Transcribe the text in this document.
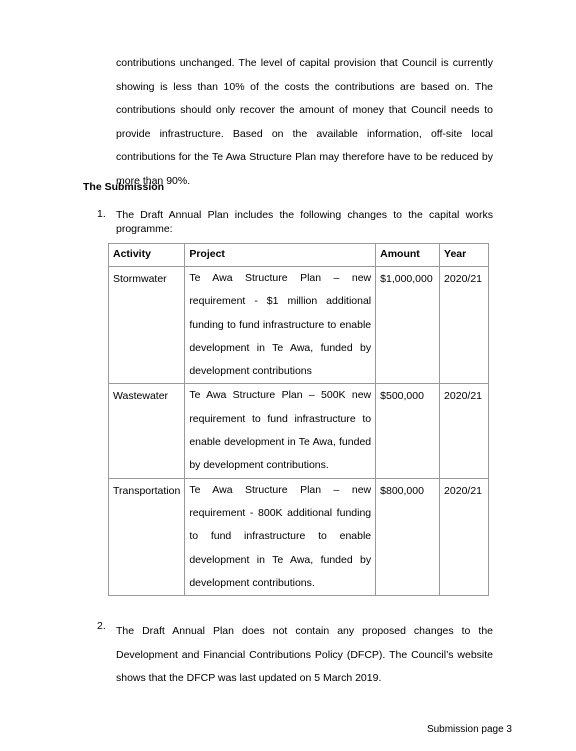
contributions unchanged. The level of capital provision that Council is currently showing is less than 10% of the costs the contributions are based on. The contributions should only recover the amount of money that Council needs to provide infrastructure. Based on the available information, off-site local contributions for the Te Awa Structure Plan may therefore have to be reduced by more than 90%.

The Submission
1. The Draft Annual Plan includes the following changes to the capital works programme:

Activity	Project	Amount	Year
Stormwater	Te Awa Structure Plan – new requirement - $1 million additional funding to fund infrastructure to enable development in Te Awa, funded by development contributions	$1,000,000	2020/21
Wastewater	Te Awa Structure Plan – 500K new requirement to fund infrastructure to enable development in Te Awa, funded by development contributions.	$500,000	2020/21
Transportation	Te Awa Structure Plan – new requirement - 800K additional funding to fund infrastructure to enable development in Te Awa, funded by development contributions.	$800,000	2020/21
2. The Draft Annual Plan does not contain any proposed changes to the Development and Financial Contributions Policy (DFCP). The Council’s website shows that the DFCP was last updated on 5 March 2019.

Submission page 3
